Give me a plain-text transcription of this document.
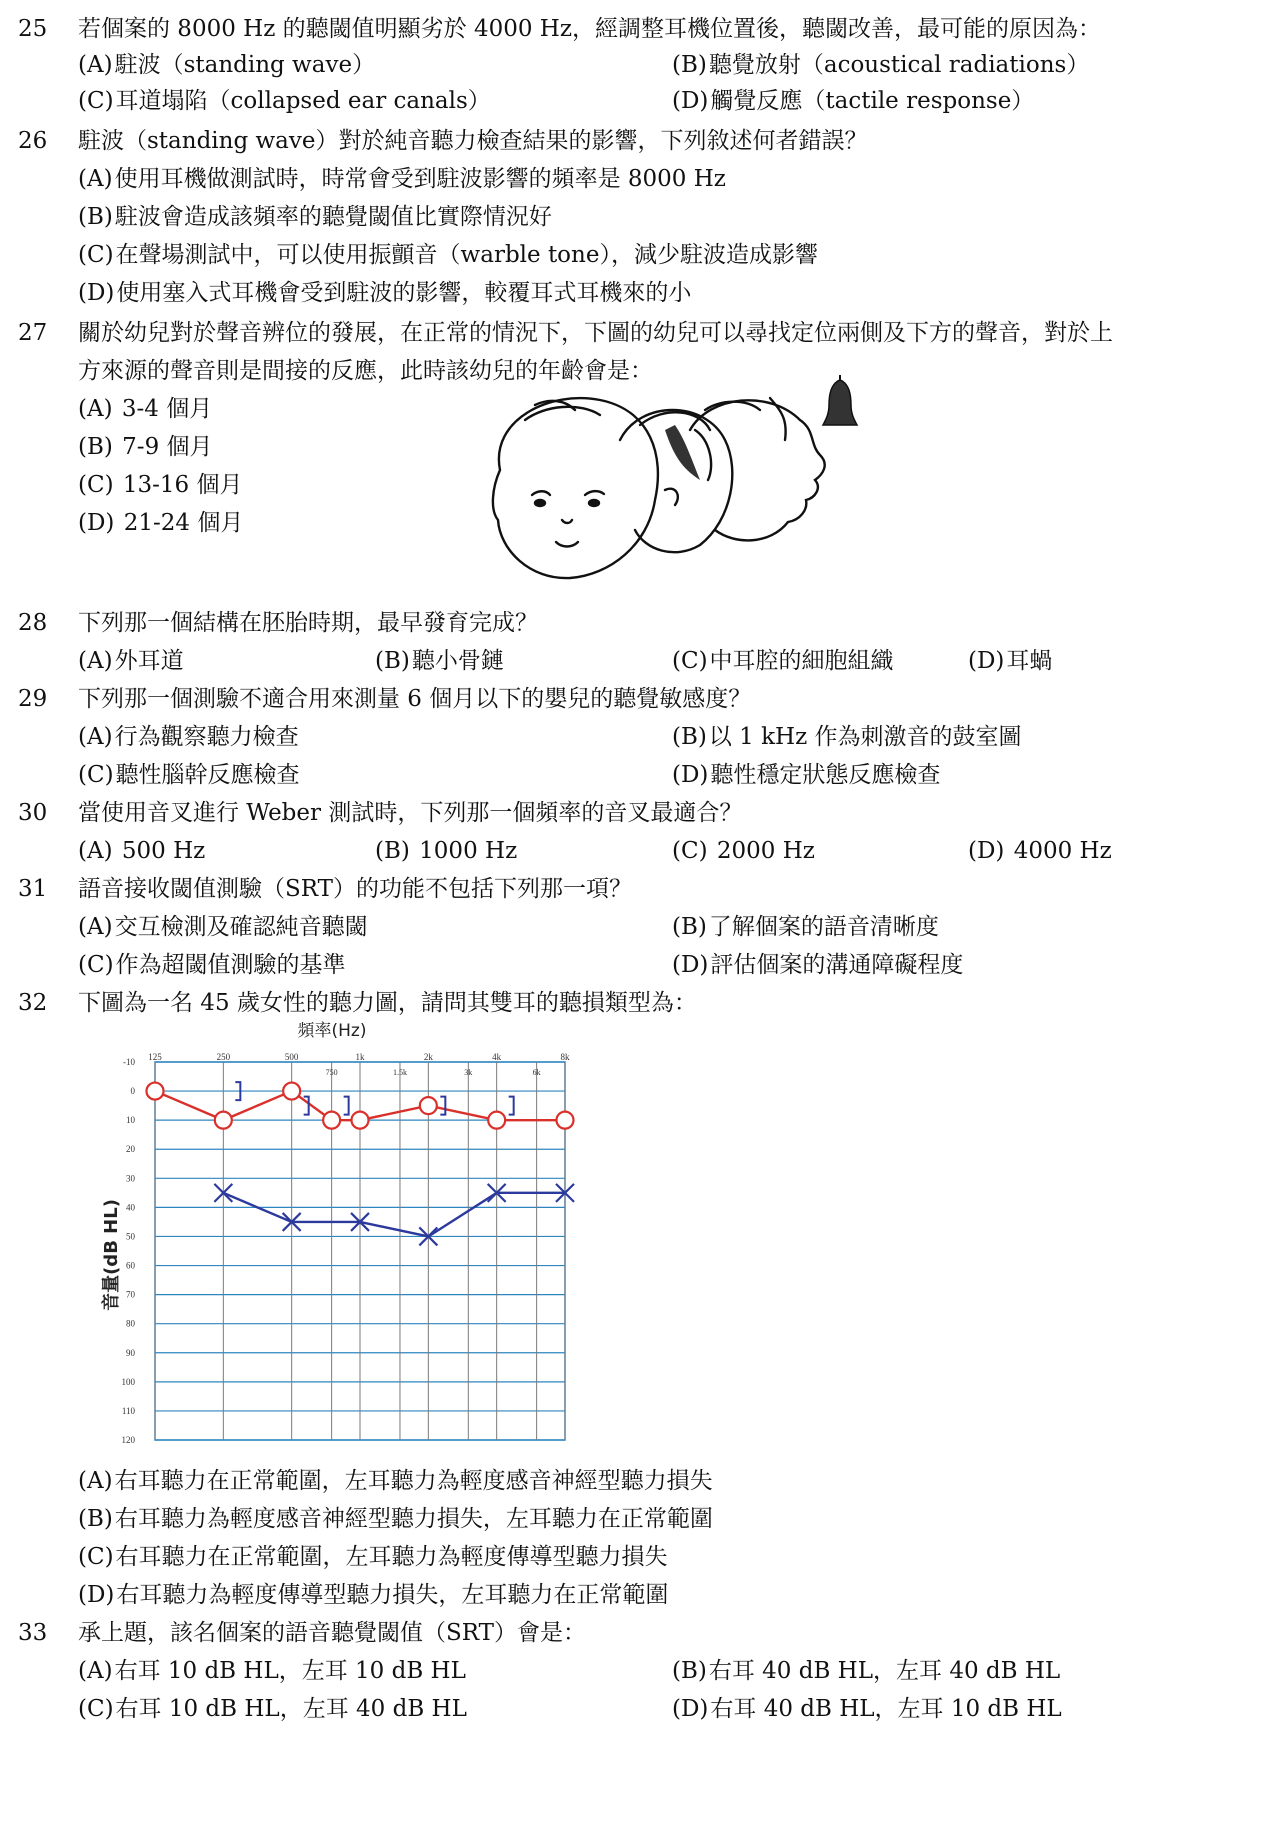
25 若個案的 8000 Hz 的聽閾值明顯劣於 4000 Hz，經調整耳機位置後，聽閾改善，最可能的原因為：
(A)駐波（standing wave）	(B)聽覺放射（acoustical radiations）
(C)耳道塌陷（collapsed ear canals）	(D)觸覺反應（tactile response）
26 駐波（standing wave）對於純音聽力檢查結果的影響，下列敘述何者錯誤？
(A)使用耳機做測試時，時常會受到駐波影響的頻率是 8000 Hz
(B)駐波會造成該頻率的聽覺閾值比實際情況好
(C)在聲場測試中，可以使用振顫音（warble tone），減少駐波造成影響
(D)使用塞入式耳機會受到駐波的影響，較覆耳式耳機來的小
27 關於幼兒對於聲音辨位的發展，在正常的情況下，下圖的幼兒可以尋找定位兩側及下方的聲音，對於上
方來源的聲音則是間接的反應，此時該幼兒的年齡會是：
(A) 3-4 個月
(B) 7-9 個月
(C) 13-16 個月
(D) 21-24 個月
28 下列那一個結構在胚胎時期，最早發育完成？
(A)外耳道	(B)聽小骨鏈	(C)中耳腔的細胞組織	(D)耳蝸
29 下列那一個測驗不適合用來測量 6 個月以下的嬰兒的聽覺敏感度？
(A)行為觀察聽力檢查	(B)以 1 kHz 作為刺激音的鼓室圖
(C)聽性腦幹反應檢查	(D)聽性穩定狀態反應檢查
30 當使用音叉進行 Weber 測試時，下列那一個頻率的音叉最適合？
(A) 500 Hz	(B) 1000 Hz	(C) 2000 Hz	(D) 4000 Hz
31 語音接收閾值測驗（SRT）的功能不包括下列那一項？
(A)交互檢測及確認純音聽閾	(B)了解個案的語音清晰度
(C)作為超閾值測驗的基準	(D)評估個案的溝通障礙程度
32 下圖為一名 45 歲女性的聽力圖，請問其雙耳的聽損類型為：
頻率(Hz)
音量(dB HL)
-10
0
10
20
30
40
50
60
70
80
90
100
110
120
125	250	500	1k	2k	4k	8k
750	1.5k	3k	6k
(A)右耳聽力在正常範圍，左耳聽力為輕度感音神經型聽力損失
(B)右耳聽力為輕度感音神經型聽力損失，左耳聽力在正常範圍
(C)右耳聽力在正常範圍，左耳聽力為輕度傳導型聽力損失
(D)右耳聽力為輕度傳導型聽力損失，左耳聽力在正常範圍
33 承上題，該名個案的語音聽覺閾值（SRT）會是：
(A)右耳 10 dB HL，左耳 10 dB HL	(B)右耳 40 dB HL，左耳 40 dB HL
(C)右耳 10 dB HL，左耳 40 dB HL	(D)右耳 40 dB HL，左耳 10 dB HL
